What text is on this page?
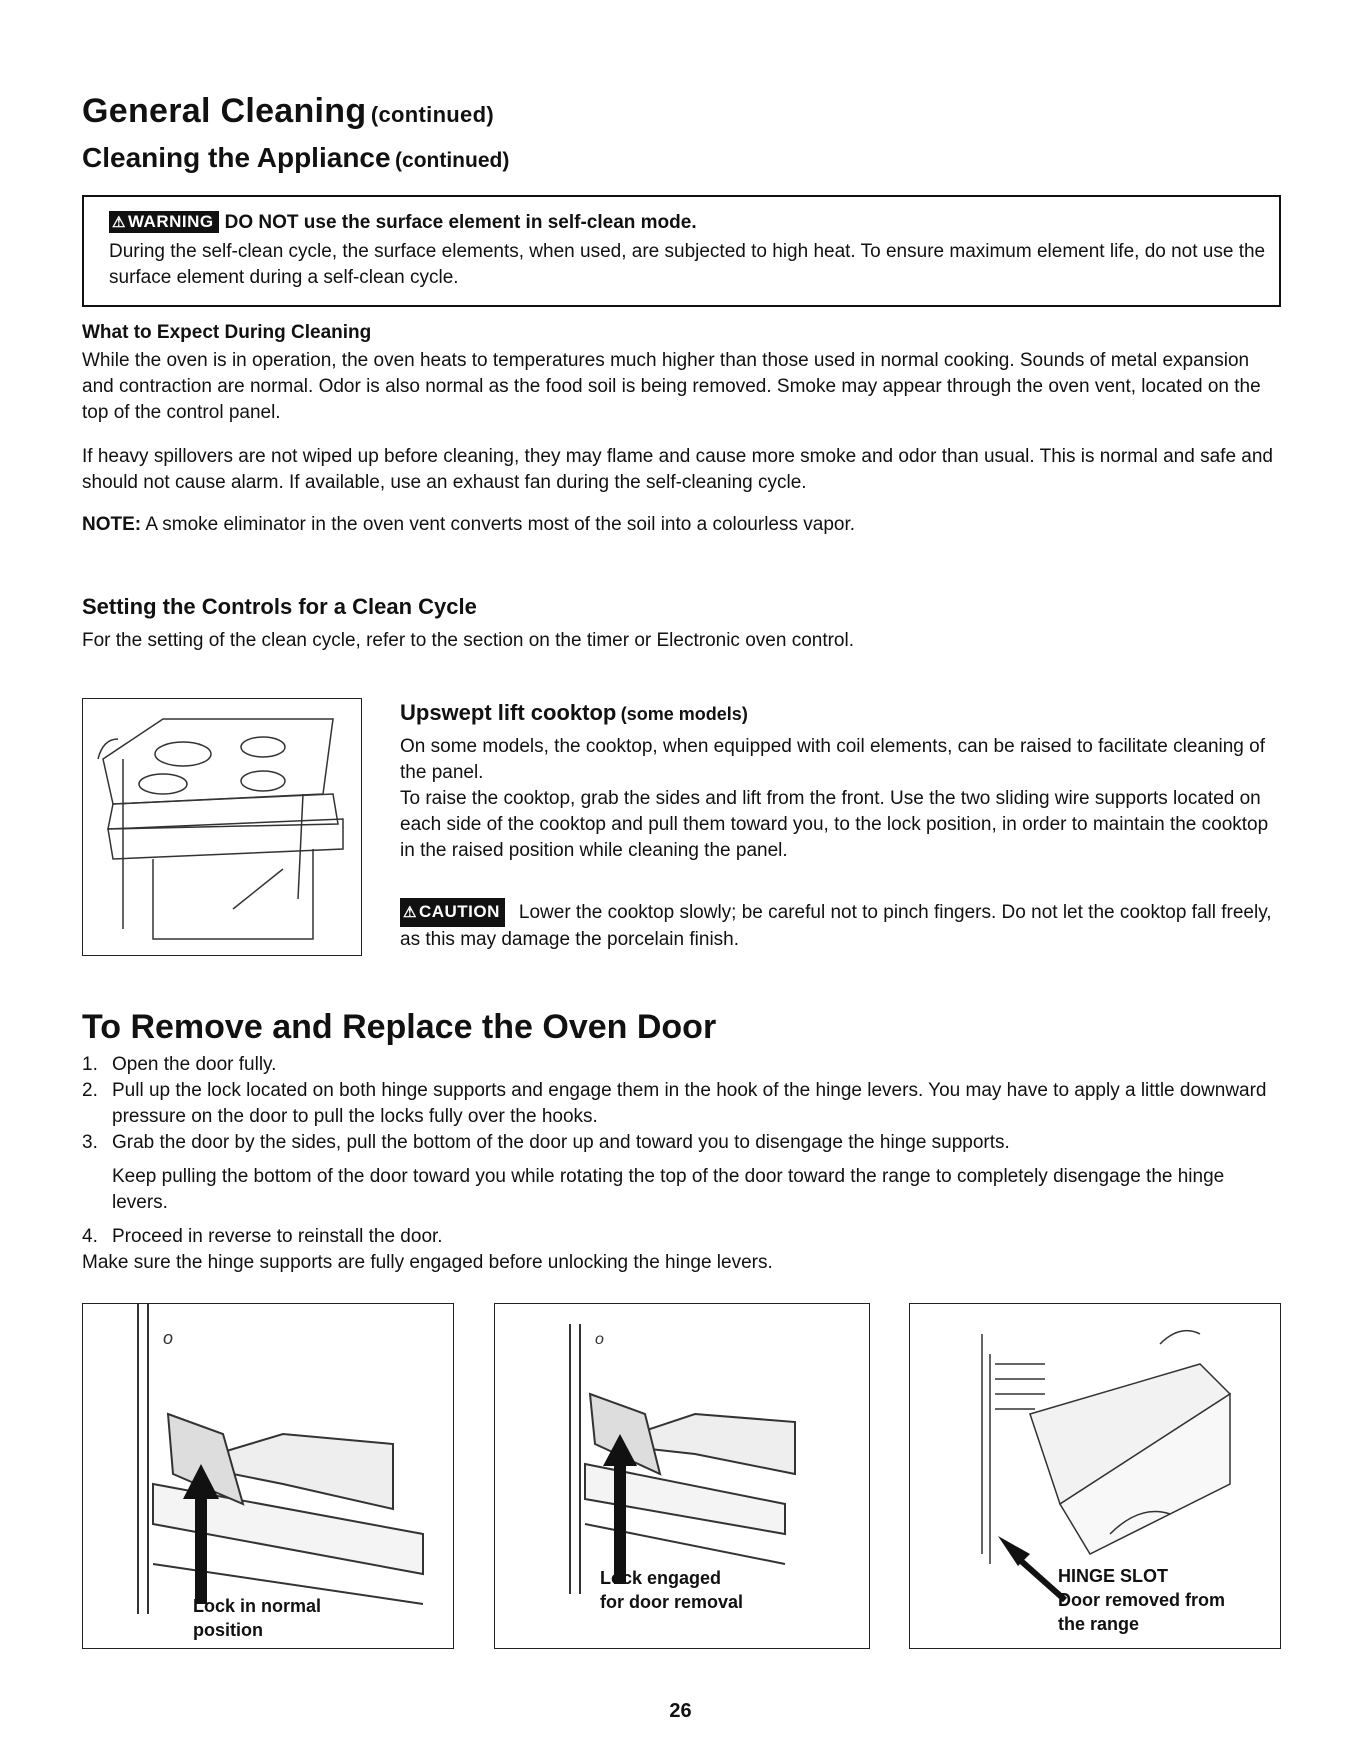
General Cleaning (continued)
Cleaning the Appliance (continued)
⚠ WARNING DO NOT use the surface element in self-clean mode.
During the self-clean cycle, the surface elements, when used, are subjected to high heat. To ensure maximum element life, do not use the surface element during a self-clean cycle.
What to Expect During Cleaning
While the oven is in operation, the oven heats to temperatures much higher than those used in normal cooking. Sounds of metal expansion and contraction are normal. Odor is also normal as the food soil is being removed. Smoke may appear through the oven vent, located on the top of the control panel.
If heavy spillovers are not wiped up before cleaning, they may flame and cause more smoke and odor than usual. This is normal and safe and should not cause alarm. If available, use an exhaust fan during the self-cleaning cycle.
NOTE: A smoke eliminator in the oven vent converts most of the soil into a colourless vapor.
Setting the Controls for a Clean Cycle
For the setting of the clean cycle, refer to the section on the timer or Electronic oven control.
Upswept lift cooktop (some models)
On some models, the cooktop, when equipped with coil elements, can be raised to facilitate cleaning of the panel.
To raise the cooktop, grab the sides and lift from the front. Use the two sliding wire supports located on each side of the cooktop and pull them toward you, to the lock position, in order to maintain the cooktop in the raised position while cleaning the panel.
⚠ CAUTION Lower the cooktop slowly; be careful not to pinch fingers. Do not let the cooktop fall freely, as this may damage the porcelain finish.
To Remove and Replace the Oven Door
1. Open the door fully.
2. Pull up the lock located on both hinge supports and engage them in the hook of the hinge levers. You may have to apply a little downward pressure on the door to pull the locks fully over the hooks.
3. Grab the door by the sides, pull the bottom of the door up and toward you to disengage the hinge supports.
Keep pulling the bottom of the door toward you while rotating the top of the door toward the range to completely disengage the hinge levers.
4. Proceed in reverse to reinstall the door.
Make sure the hinge supports are fully engaged before unlocking the hinge levers.
o
Lock in normal
position
o
Lock engaged
for door removal
HINGE SLOT
Door removed from
the range
26
